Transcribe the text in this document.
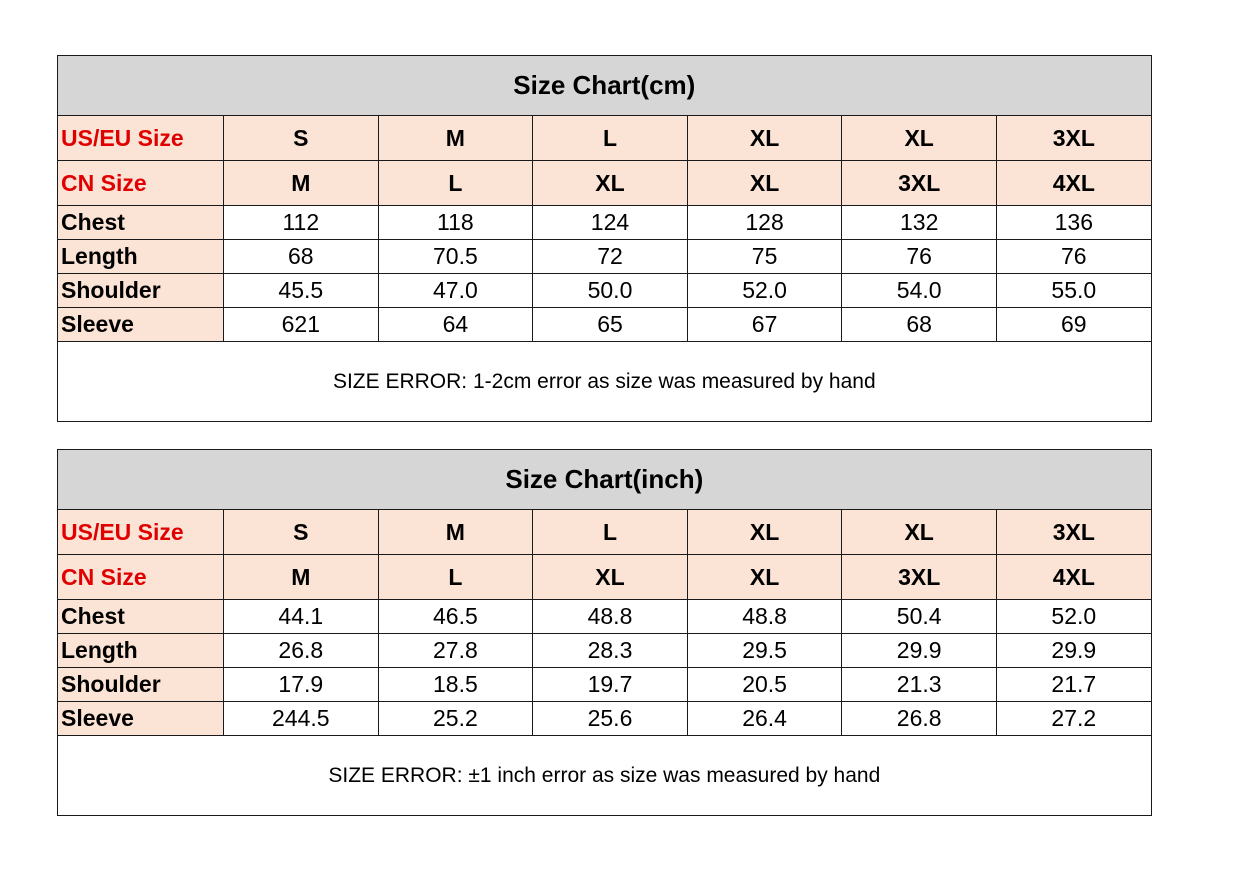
Size Chart(cm)						
US/EU Size	S	M	L	XL	XL	3XL
CN Size	M	L	XL	XL	3XL	4XL
Chest	112	118	124	128	132	136
Length	68	70.5	72	75	76	76
Shoulder	45.5	47.0	50.0	52.0	54.0	55.0
Sleeve	621	64	65	67	68	69
SIZE ERROR: 1-2cm error as size was measured by hand						
Size Chart(inch)						
US/EU Size	S	M	L	XL	XL	3XL
CN Size	M	L	XL	XL	3XL	4XL
Chest	44.1	46.5	48.8	48.8	50.4	52.0
Length	26.8	27.8	28.3	29.5	29.9	29.9
Shoulder	17.9	18.5	19.7	20.5	21.3	21.7
Sleeve	244.5	25.2	25.6	26.4	26.8	27.2
SIZE ERROR: ±1 inch error as size was measured by hand						
